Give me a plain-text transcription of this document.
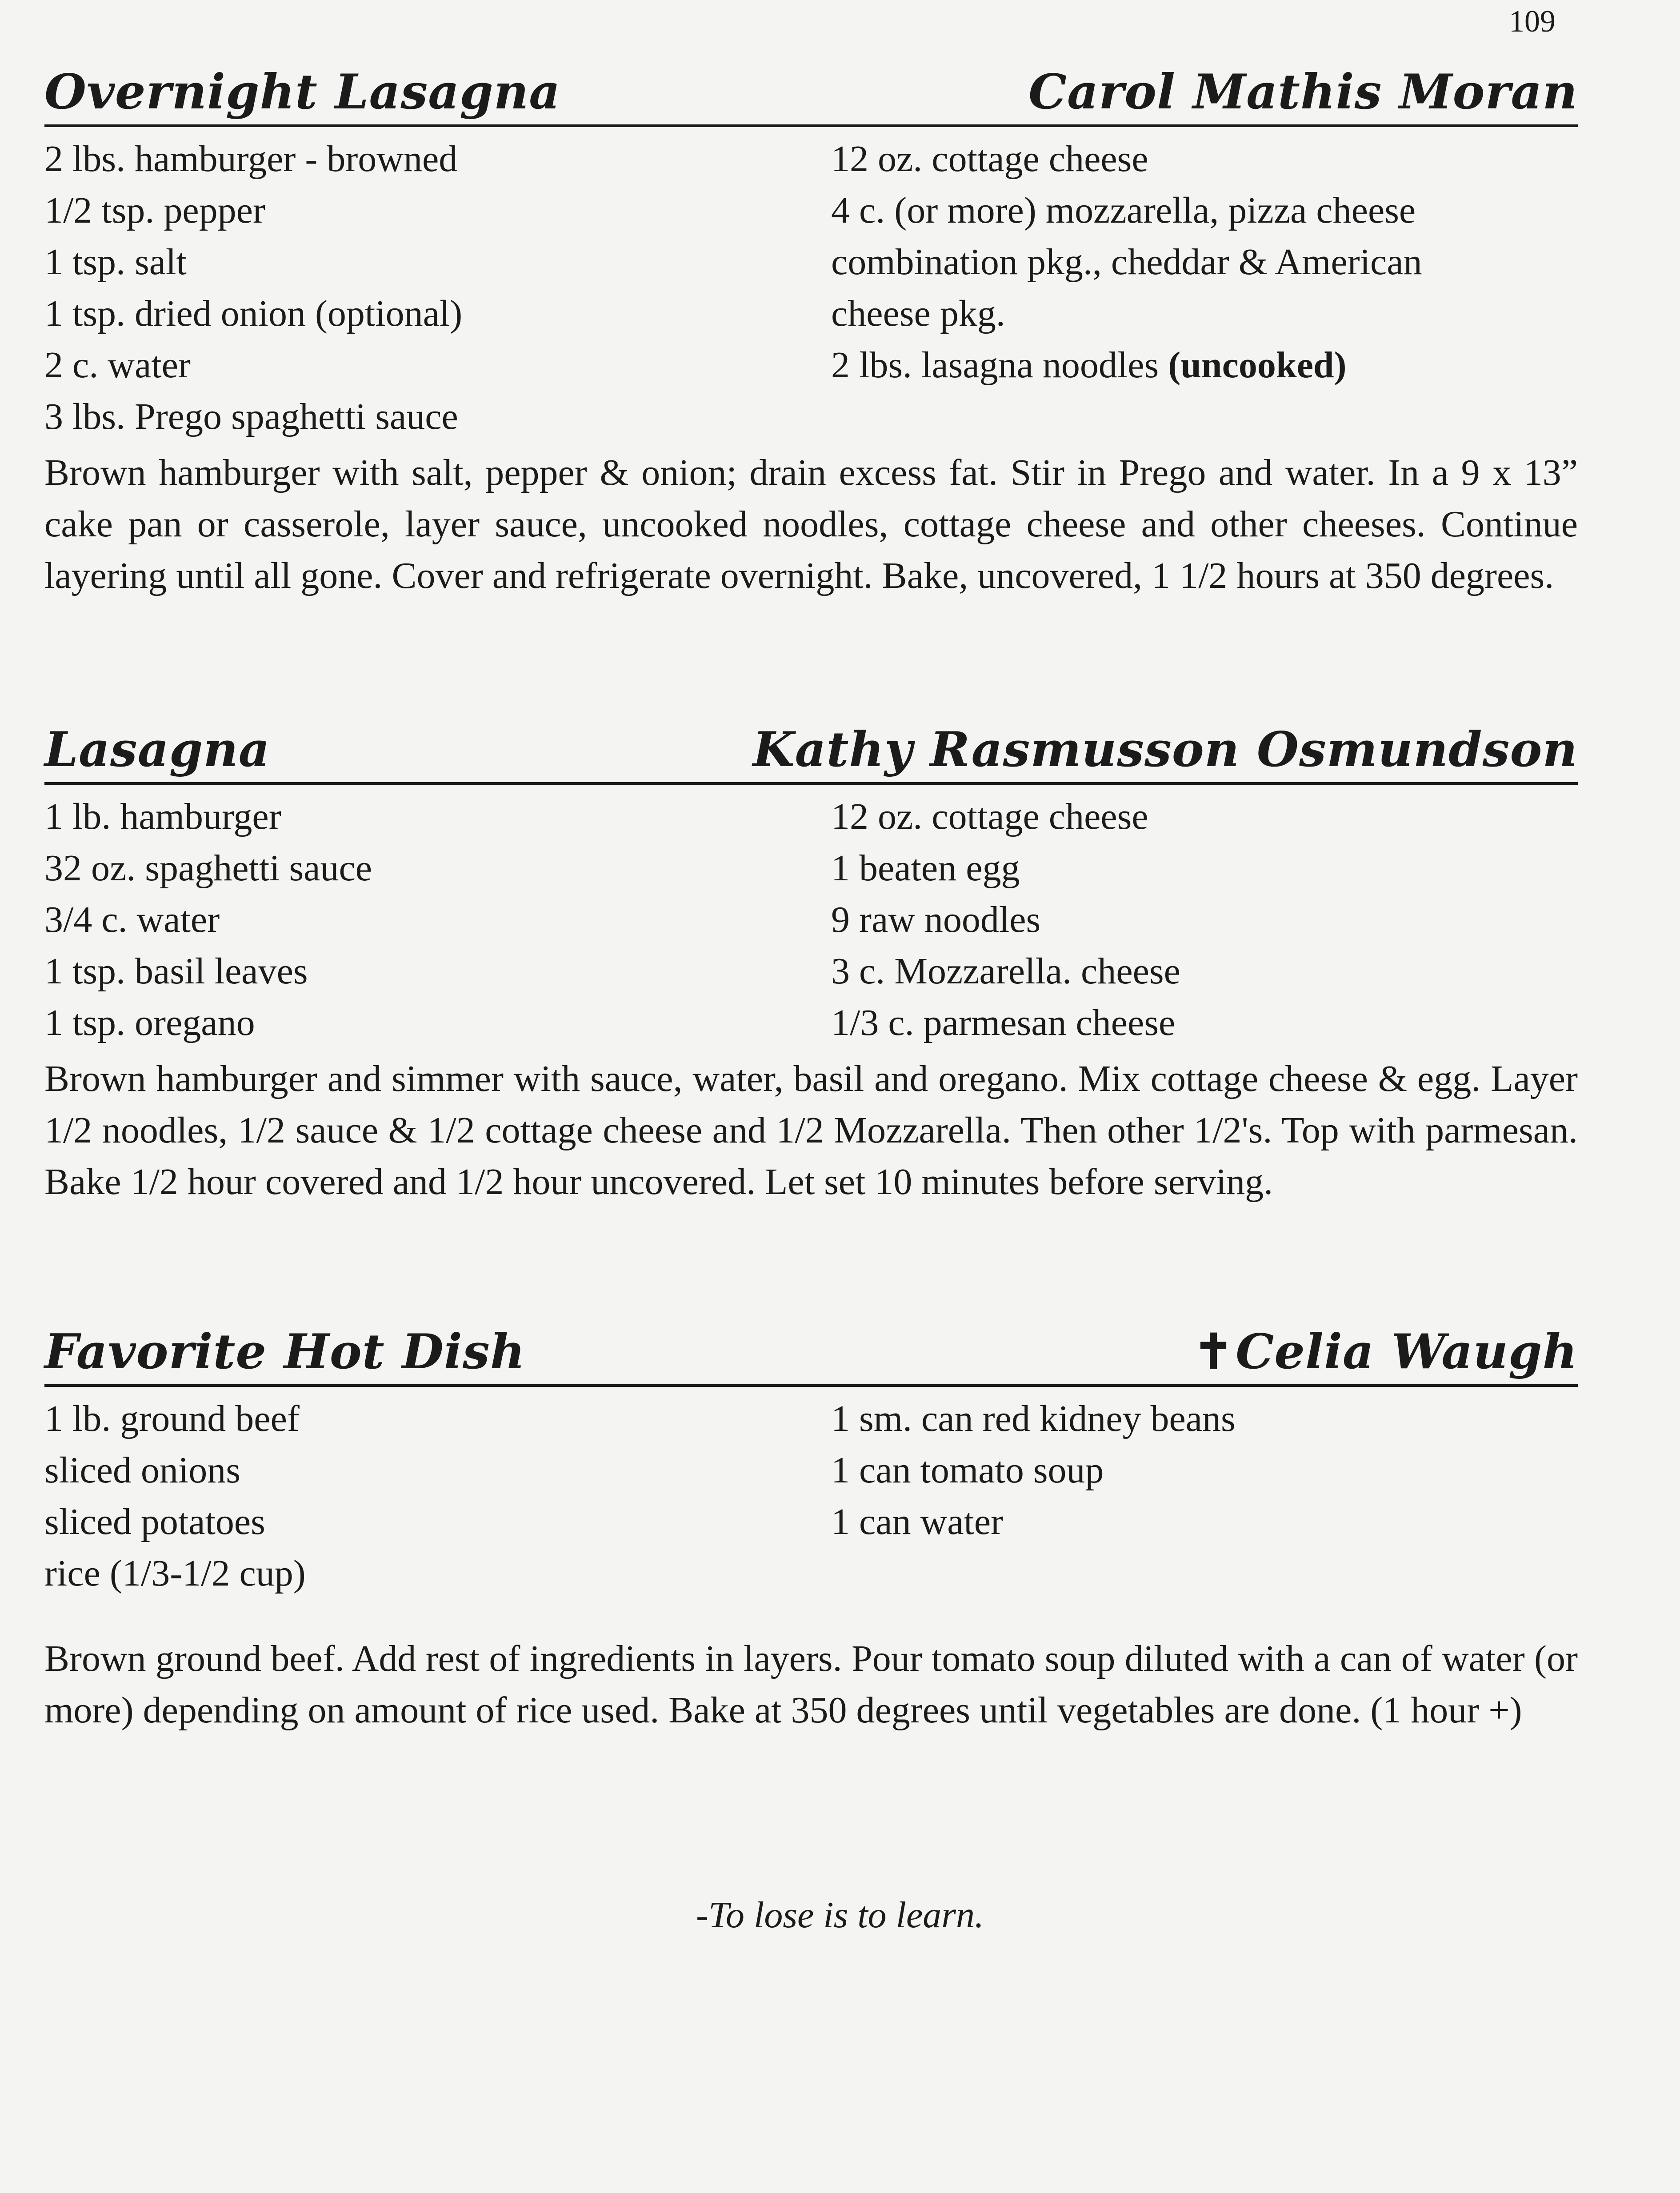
109
Overnight Lasagna	Carol Mathis Moran
2 lbs. hamburger - browned
1/2 tsp. pepper
1 tsp. salt
1 tsp. dried onion (optional)
2 c. water
3 lbs. Prego spaghetti sauce
12 oz. cottage cheese
4 c. (or more) mozzarella, pizza cheese
combination pkg., cheddar & American
cheese pkg.
2 lbs. lasagna noodles (uncooked)

Brown hamburger with salt, pepper & onion; drain excess fat. Stir in Prego and water. In a 9 x 13” cake pan or casserole, layer sauce, uncooked noodles, cottage cheese and other cheeses. Continue layering until all gone. Cover and refrigerate overnight. Bake, uncovered, 1 1/2 hours at 350 degrees.

Lasagna	Kathy Rasmusson Osmundson
1 lb. hamburger
32 oz. spaghetti sauce
3/4 c. water
1 tsp. basil leaves
1 tsp. oregano
12 oz. cottage cheese
1 beaten egg
9 raw noodles
3 c. Mozzarella. cheese
1/3 c. parmesan cheese

Brown hamburger and simmer with sauce, water, basil and oregano. Mix cottage cheese & egg. Layer 1/2 noodles, 1/2 sauce & 1/2 cottage cheese and 1/2 Mozzarella. Then other 1/2's. Top with parmesan. Bake 1/2 hour covered and 1/2 hour uncovered. Let set 10 minutes before serving.

Favorite Hot Dish	✝Celia Waugh
1 lb. ground beef
sliced onions
sliced potatoes
rice (1/3-1/2 cup)
1 sm. can red kidney beans
1 can tomato soup
1 can water

Brown ground beef. Add rest of ingredients in layers. Pour tomato soup diluted with a can of water (or more) depending on amount of rice used. Bake at 350 degrees until vegetables are done. (1 hour +)

-To lose is to learn.
